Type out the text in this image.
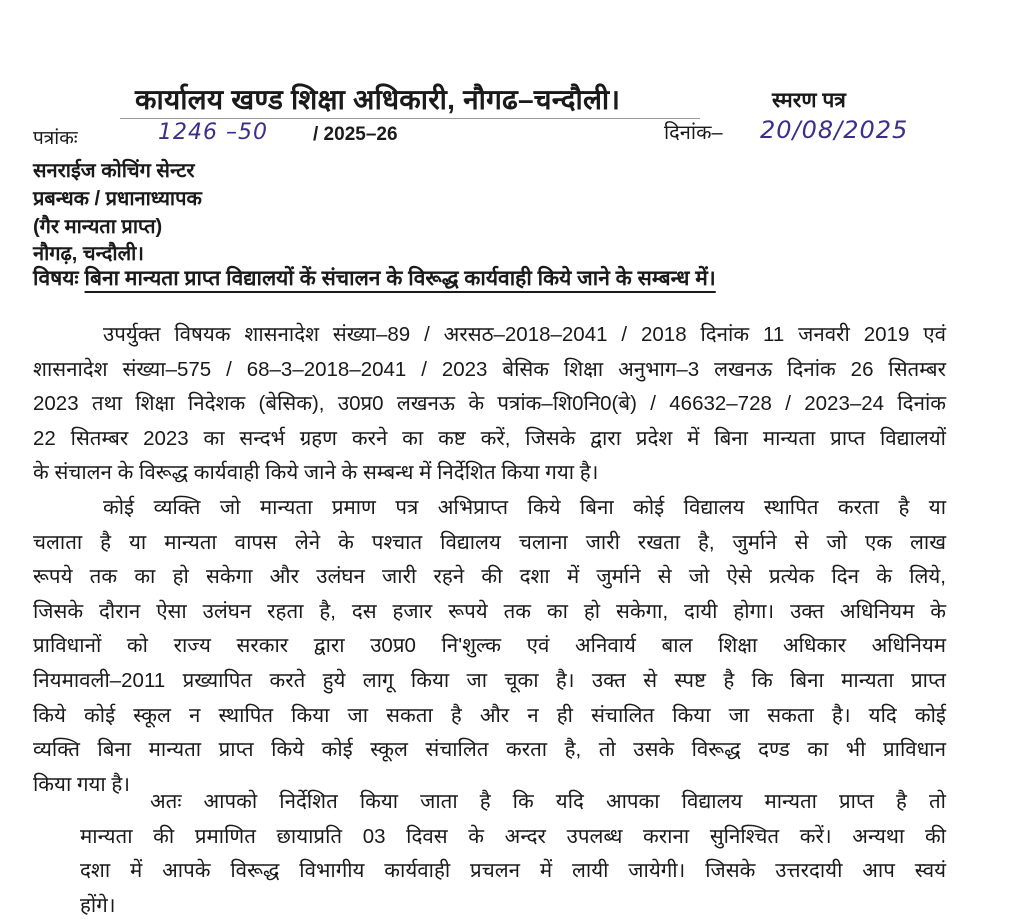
कार्यालय खण्ड शिक्षा अधिकारी, नौगढ–चन्दौली।	स्मरण पत्र
पत्रांकः	1246 –50 / 2025–26	दिनांक– 20/08/2025
सनराईज कोचिंग सेन्टर
प्रबन्धक / प्रधानाध्यापक
(गैर मान्यता प्राप्त)
नौगढ़, चन्दौली।
विषयः बिना मान्यता प्राप्त विद्यालयों कें संचालन के विरूद्ध कार्यवाही किये जाने के सम्बन्ध में।
उपर्युक्त विषयक शासनादेश संख्या–89 / अरसठ–2018–2041 / 2018 दिनांक 11 जनवरी 2019 एवं
शासनादेश संख्या–575 / 68–3–2018–2041 / 2023 बेसिक शिक्षा अनुभाग–3 लखनऊ दिनांक 26 सितम्बर
2023 तथा शिक्षा निदेशक (बेसिक), उ0प्र0 लखनऊ के पत्रांक–शि0नि0(बे) / 46632–728 / 2023–24 दिनांक
22 सितम्बर 2023 का सन्दर्भ ग्रहण करने का कष्ट करें, जिसके द्वारा प्रदेश में बिना मान्यता प्राप्त विद्यालयों
के संचालन के विरूद्ध कार्यवाही किये जाने के सम्बन्ध में निर्देशित किया गया है।
कोई व्यक्ति जो मान्यता प्रमाण पत्र अभिप्राप्त किये बिना कोई विद्यालय स्थापित करता है या
चलाता है या मान्यता वापस लेने के पश्चात विद्यालय चलाना जारी रखता है, जुर्माने से जो एक लाख
रूपये तक का हो सकेगा और उलंघन जारी रहने की दशा में जुर्माने से जो ऐसे प्रत्येक दिन के लिये,
जिसके दौरान ऐसा उलंघन रहता है, दस हजार रूपये तक का हो सकेगा, दायी होगा। उक्त अधिनियम के
प्राविधानों को राज्य सरकार द्वारा उ0प्र0 नि'शुल्क एवं अनिवार्य बाल शिक्षा अधिकार अधिनियम
नियमावली–2011 प्रख्यापित करते हुये लागू किया जा चूका है। उक्त से स्पष्ट है कि बिना मान्यता प्राप्त
किये कोई स्कूल न स्थापित किया जा सकता है और न ही संचालित किया जा सकता है। यदि कोई
व्यक्ति बिना मान्यता प्राप्त किये कोई स्कूल संचालित करता है, तो उसके विरूद्ध दण्ड का भी प्राविधान
किया गया है।
अतः आपको निर्देशित किया जाता है कि यदि आपका विद्यालय मान्यता प्राप्त है तो
मान्यता की प्रमाणित छायाप्रति 03 दिवस के अन्दर उपलब्ध कराना सुनिश्चित करें। अन्यथा की
दशा में आपके विरूद्ध विभागीय कार्यवाही प्रचलन में लायी जायेगी। जिसके उत्तरदायी आप स्वयं
होंगे।
